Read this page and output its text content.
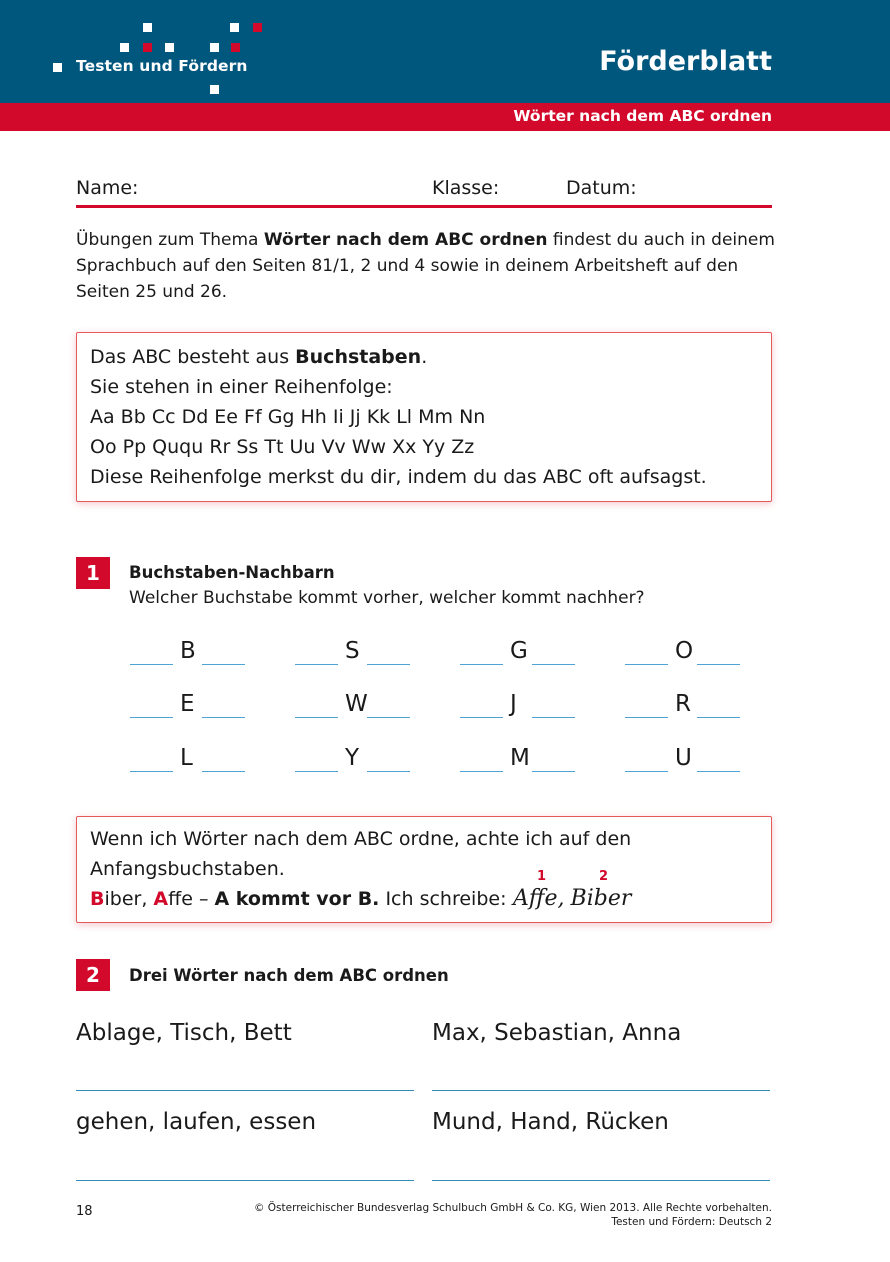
Testen und Fördern	Förderblatt
Wörter nach dem ABC ordnen
Name:	Klasse:	Datum:
Übungen zum Thema Wörter nach dem ABC ordnen findest du auch in deinem Sprachbuch auf den Seiten 81/1, 2 und 4 sowie in deinem Arbeitsheft auf den Seiten 25 und 26.
Das ABC besteht aus Buchstaben.
Sie stehen in einer Reihenfolge:
Aa Bb Cc Dd Ee Ff Gg Hh Ii Jj Kk Ll Mm Nn
Oo Pp Ququ Rr Ss Tt Uu Vv Ww Xx Yy Zz
Diese Reihenfolge merkst du dir, indem du das ABC oft aufsagst.
1	Buchstaben-Nachbarn
Welcher Buchstabe kommt vorher, welcher kommt nachher?
B	S	G	O
E	W	J	R
L	Y	M	U
Wenn ich Wörter nach dem ABC ordne, achte ich auf den
Anfangsbuchstaben.
Biber, Affe – A kommt vor B. Ich schreibe:
1	2
Affe, Biber
2	Drei Wörter nach dem ABC ordnen
Ablage, Tisch, Bett	Max, Sebastian, Anna
gehen, laufen, essen	Mund, Hand, Rücken
18	© Österreichischer Bundesverlag Schulbuch GmbH & Co. KG, Wien 2013. Alle Rechte vorbehalten.
Testen und Fördern: Deutsch 2
